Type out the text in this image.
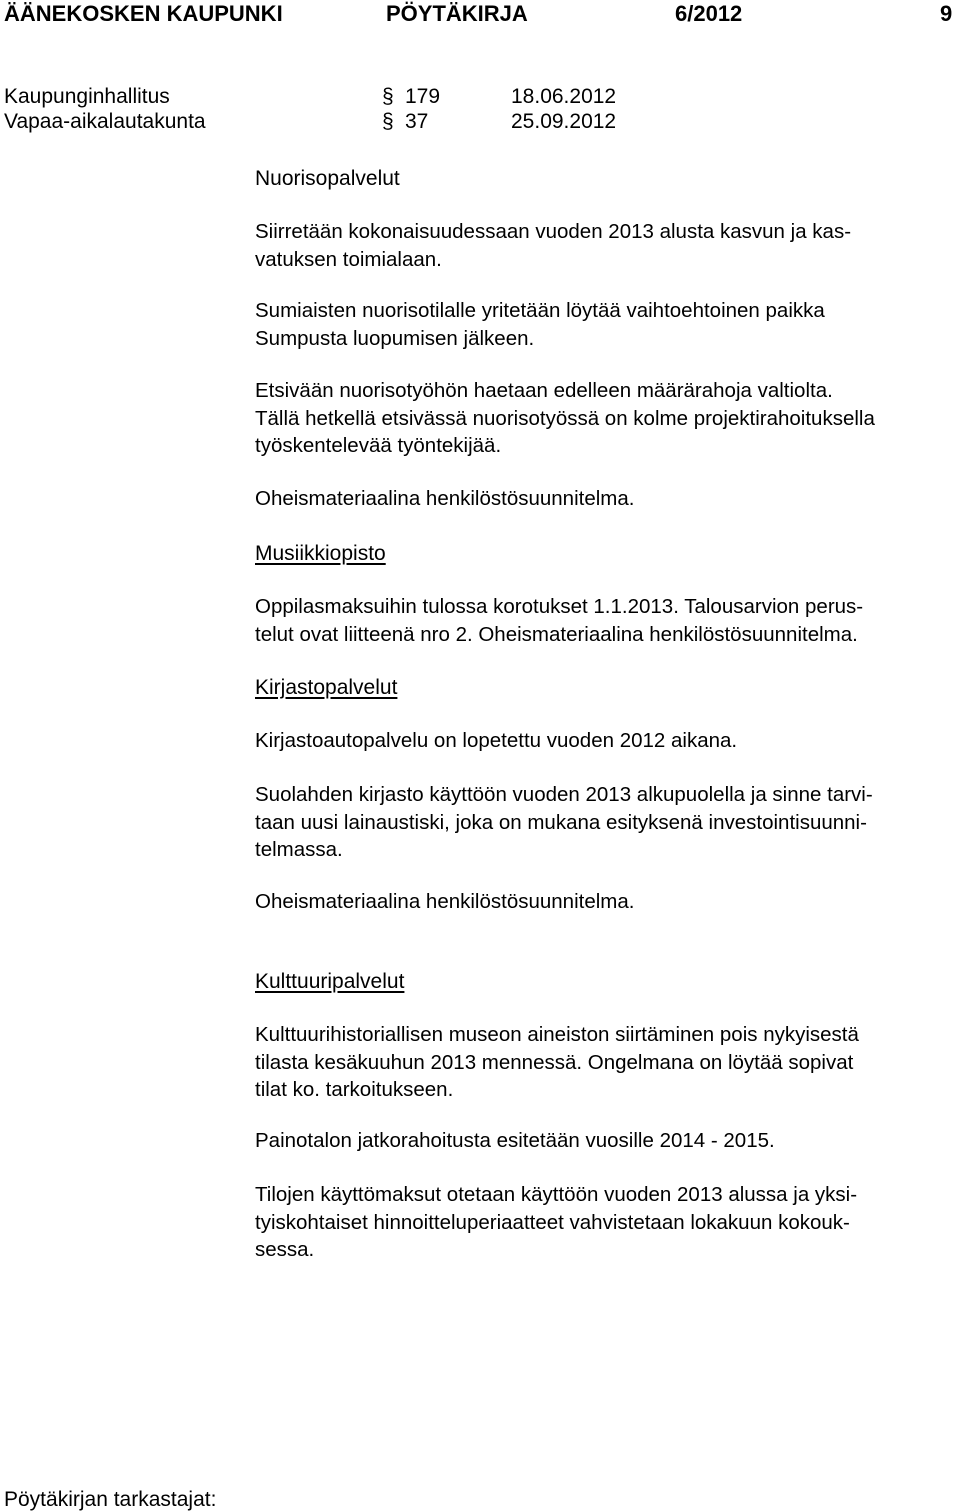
ÄÄNEKOSKEN KAUPUNKI	PÖYTÄKIRJA	6/2012	9
Kaupunginhallitus	§ 179	18.06.2012
Vapaa-aikalautakunta	§ 37	25.09.2012
Nuorisopalvelut
Siirretään kokonaisuudessaan vuoden 2013 alusta kasvun ja kas-
vatuksen toimialaan.
Sumiaisten nuorisotilalle yritetään löytää vaihtoehtoinen paikka
Sumpusta luopumisen jälkeen.
Etsivään nuorisotyöhön haetaan edelleen määrärahoja valtiolta.
Tällä hetkellä etsivässä nuorisotyössä on kolme projektirahoituksella
työskentelevää työntekijää.
Oheismateriaalina henkilöstösuunnitelma.
Musiikkiopisto
Oppilasmaksuihin tulossa korotukset 1.1.2013. Talousarvion perus-
telut ovat liitteenä nro 2. Oheismateriaalina henkilöstösuunnitelma.
Kirjastopalvelut
Kirjastoautopalvelu on lopetettu vuoden 2012 aikana.
Suolahden kirjasto käyttöön vuoden 2013 alkupuolella ja sinne tarvi-
taan uusi lainaustiski, joka on mukana esityksenä investointisuunni-
telmassa.
Oheismateriaalina henkilöstösuunnitelma.
Kulttuuripalvelut
Kulttuurihistoriallisen museon aineiston siirtäminen pois nykyisestä
tilasta kesäkuuhun 2013 mennessä. Ongelmana on löytää sopivat
tilat ko. tarkoitukseen.
Painotalon jatkorahoitusta esitetään vuosille 2014 - 2015.
Tilojen käyttömaksut otetaan käyttöön vuoden 2013 alussa ja yksi-
tyiskohtaiset hinnoitteluperiaatteet vahvistetaan lokakuun kokouk-
sessa.
Pöytäkirjan tarkastajat:
